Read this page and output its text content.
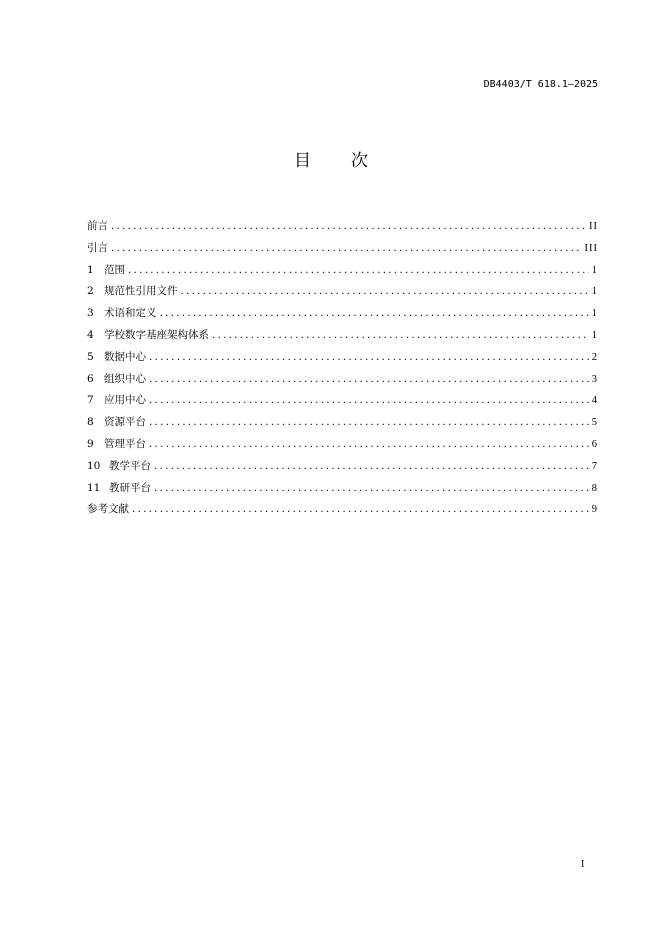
DB4403/T 618.1—2025
目 次
前言 .....	II
引言 .....	III
1 范围 .....	1
2 规范性引用文件 .....	1
3 术语和定义 .....	1
4 学校数字基座架构体系 .....	1
5 数据中心 .....	2
6 组织中心 .....	3
7 应用中心 .....	4
8 资源平台 .....	5
9 管理平台 .....	6
10 教学平台 .....	7
11 教研平台 .....	8
参考文献 .....	9
I
